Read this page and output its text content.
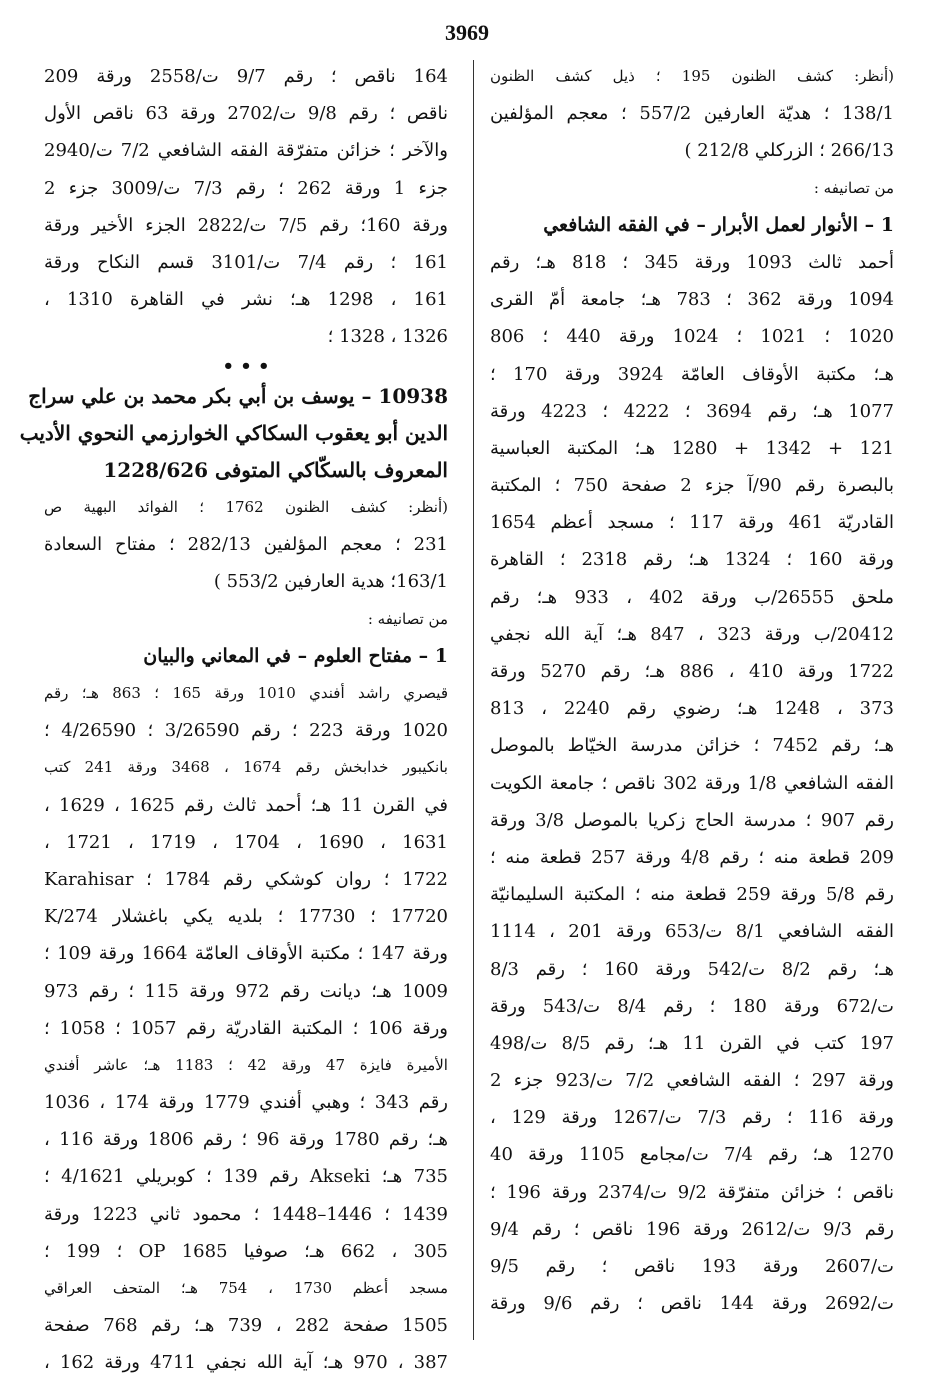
3969
(أنظر: كشف الظنون 195 ؛ ذيل كشف الظنون
138/1 ؛ هديّة العارفين 557/2 ؛ معجم المؤلفين
266/13 ؛ الزركلي 212/8 )
من تصانيفه :
1 – الأنوار لعمل الأبرار – في الفقه الشافعي
أحمد ثالث 1093 ورقة 345 ؛ 818 هـ؛ رقم
1094 ورقة 362 ؛ 783 هـ؛ جامعة أمّ القرى
1020 ؛ 1021 ؛ 1024 ورقة 440 ؛ 806
هـ؛ مكتبة الأوقاف العامّة 3924 ورقة 170 ؛
1077 هـ؛ رقم 3694 ؛ 4222 ؛ 4223 ورقة
121 + 1342 + 1280 هـ؛ المكتبة العباسية
بالبصرة رقم 90/آ جزء 2 صفحة 750 ؛ المكتبة
القادريّة 461 ورقة 117 ؛ مسجد أعظم 1654
ورقة 160 ؛ 1324 هـ؛ رقم 2318 ؛ القاهرة
ملحق 26555/ب ورقة 402 ، 933 هـ؛ رقم
20412/ب ورقة 323 ، 847 هـ؛ آية الله نجفي
1722 ورقة 410 ، 886 هـ؛ رقم 5270 ورقة
373 ، 1248 هـ؛ رضوي رقم 2240 ، 813
هـ؛ رقم 7452 ؛ خزائن مدرسة الخيّاط بالموصل
الفقه الشافعي 1/8 ورقة 302 ناقص ؛ جامعة الكويت
رقم 907 ؛ مدرسة الحاج زكريا بالموصل 3/8 ورقة
209 قطعة منه ؛ رقم 4/8 ورقة 257 قطعة منه ؛
رقم 5/8 ورقة 259 قطعة منه ؛ المكتبة السليمانيّة
الفقه الشافعي 8/1 ت/653 ورقة 201 ، 1114
هـ؛ رقم 8/2 ت/542 ورقة 160 ؛ رقم 8/3
ت/672 ورقة 180 ؛ رقم 8/4 ت/543 ورقة
197 كتب في القرن 11 هـ؛ رقم 8/5 ت/498
ورقة 297 ؛ الفقه الشافعي 7/2 ت/923 جزء 2
ورقة 116 ؛ رقم 7/3 ت/1267 ورقة 129 ،
1270 هـ؛ رقم 7/4 ت/مجامع 1105 ورقة 40
ناقص ؛ خزائن متفرّقة 9/2 ت/2374 ورقة 196 ؛
رقم 9/3 ت/2612 ورقة 196 ناقص ؛ رقم 9/4
ت/2607 ورقة 193 ناقص ؛ رقم 9/5
ت/2692 ورقة 144 ناقص ؛ رقم 9/6 ورقة
164 ناقص ؛ رقم 9/7 ت/2558 ورقة 209
ناقص ؛ رقم 9/8 ت/2702 ورقة 63 ناقص الأول
والآخر ؛ خزائن متفرّقة الفقه الشافعي 7/2 ت/2940
جزء 1 ورقة 262 ؛ رقم 7/3 ت/3009 جزء 2
ورقة 160؛ رقم 7/5 ت/2822 الجزء الأخير ورقة
161 ؛ رقم 7/4 ت/3101 قسم النكاح ورقة
161 ، 1298 هـ؛ نشر في القاهرة 1310 ،
1326 ، 1328 ؛
• • •
10938 – يوسف بن أبي بكر محمد بن علي سراج
الدين أبو يعقوب السكاكي الخوارزمي النحوي الأديب
المعروف بالسكّاكي المتوفى 1228/626
(أنظر: كشف الظنون 1762 ؛ الفوائد البهية ص
231 ؛ معجم المؤلفين 282/13 ؛ مفتاح السعادة
163/1؛ هدية العارفين 553/2 )
من تصانيفه :
1 – مفتاح العلوم – في المعاني والبيان
قيصري راشد أفندي 1010 ورقة 165 ؛ 863 هـ؛ رقم
1020 ورقة 223 ؛ رقم 3/26590 ؛ 4/26590 ؛
بانكيبور خدابخش رقم 1674 ، 3468 ورقة 241 كتب
في القرن 11 هـ؛ أحمد ثالث رقم 1625 ، 1629 ،
1631 ، 1690 ، 1704 ، 1719 ، 1721 ،
1722 ؛ روان كوشكي رقم 1784 ؛ Karahisar
17720 ؛ 17730 ؛ بلديه يكي باغشلار 274/K
ورقة 147 ؛ مكتبة الأوقاف العامّة 1664 ورقة 109 ؛
1009 هـ؛ ديانت رقم 972 ورقة 115 ؛ رقم 973
ورقة 106 ؛ المكتبة القادريّة رقم 1057 ؛ 1058 ؛
الأميرة فايزة 47 ورقة 42 ؛ 1183 هـ؛ عاشر أفندي
رقم 343 ؛ وهبي أفندي 1779 ورقة 174 ، 1036
هـ؛ رقم 1780 ورقة 96 ؛ رقم 1806 ورقة 116 ،
735 هـ؛ Akseki رقم 139 ؛ كوبريلي 4/1621 ؛
1439 ؛ 1446–1448 ؛ محمود ثاني 1223 ورقة
305 ، 662 هـ؛ صوفيا 1685 OP ؛ 199 ؛
مسجد أعظم 1730 ، 754 هـ؛ المتحف العراقي
1505 صفحة 282 ، 739 هـ؛ رقم 768 صفحة
387 ، 970 هـ؛ آية الله نجفي 4711 ورقة 162 ،
